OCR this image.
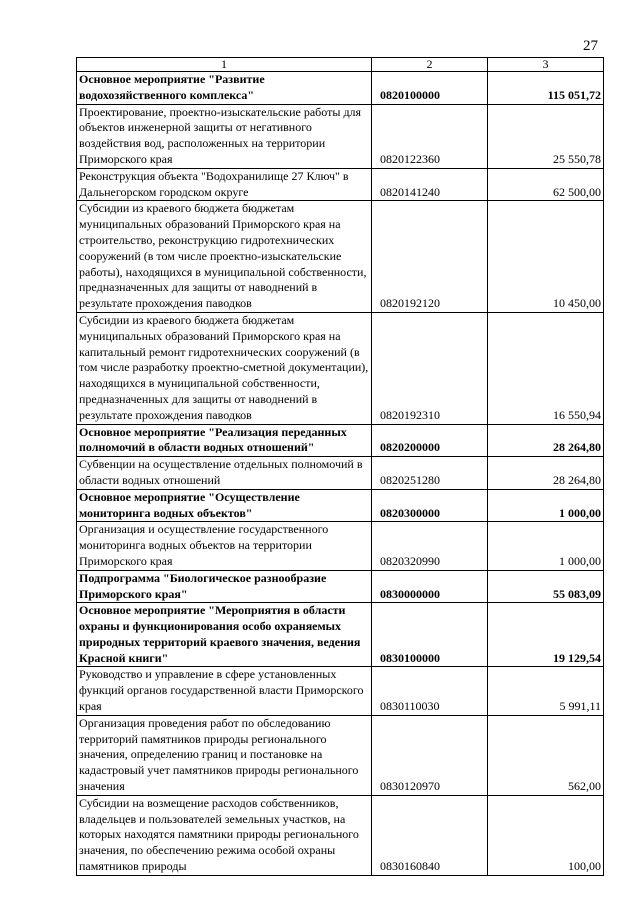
27
1	2	3
Основное мероприятие "Развитие водохозяйственного комплекса"	0820100000	115 051,72
Проектирование, проектно-изыскательские работы для объектов инженерной защиты от негативного воздействия вод, расположенных на территории Приморского края	0820122360	25 550,78
Реконструкция объекта "Водохранилище 27 Ключ" в Дальнегорском городском округе	0820141240	62 500,00
Субсидии из краевого бюджета бюджетам муниципальных образований Приморского края на строительство, реконструкцию гидротехнических сооружений (в том числе проектно-изыскательские работы), находящихся в муниципальной собственности, предназначенных для защиты от наводнений в результате прохождения паводков	0820192120	10 450,00
Субсидии из краевого бюджета бюджетам муниципальных образований Приморского края на капитальный ремонт гидротехнических сооружений (в том числе разработку проектно-сметной документации), находящихся в муниципальной собственности, предназначенных для защиты от наводнений в результате прохождения паводков	0820192310	16 550,94
Основное мероприятие "Реализация переданных полномочий в области водных отношений"	0820200000	28 264,80
Субвенции на осуществление отдельных полномочий в области водных отношений	0820251280	28 264,80
Основное мероприятие "Осуществление мониторинга водных объектов"	0820300000	1 000,00
Организация и осуществление государственного мониторинга водных объектов на территории Приморского края	0820320990	1 000,00
Подпрограмма "Биологическое разнообразие Приморского края"	0830000000	55 083,09
Основное мероприятие "Мероприятия в области охраны и функционирования особо охраняемых природных территорий краевого значения, ведения Красной книги"	0830100000	19 129,54
Руководство и управление в сфере установленных функций органов государственной власти Приморского края	0830110030	5 991,11
Организация проведения работ по обследованию территорий памятников природы регионального значения, определению границ и постановке на кадастровый учет памятников природы регионального значения	0830120970	562,00
Субсидии на возмещение расходов собственников, владельцев и пользователей земельных участков, на которых находятся памятники природы регионального значения, по обеспечению режима особой охраны памятников природы	0830160840	100,00
